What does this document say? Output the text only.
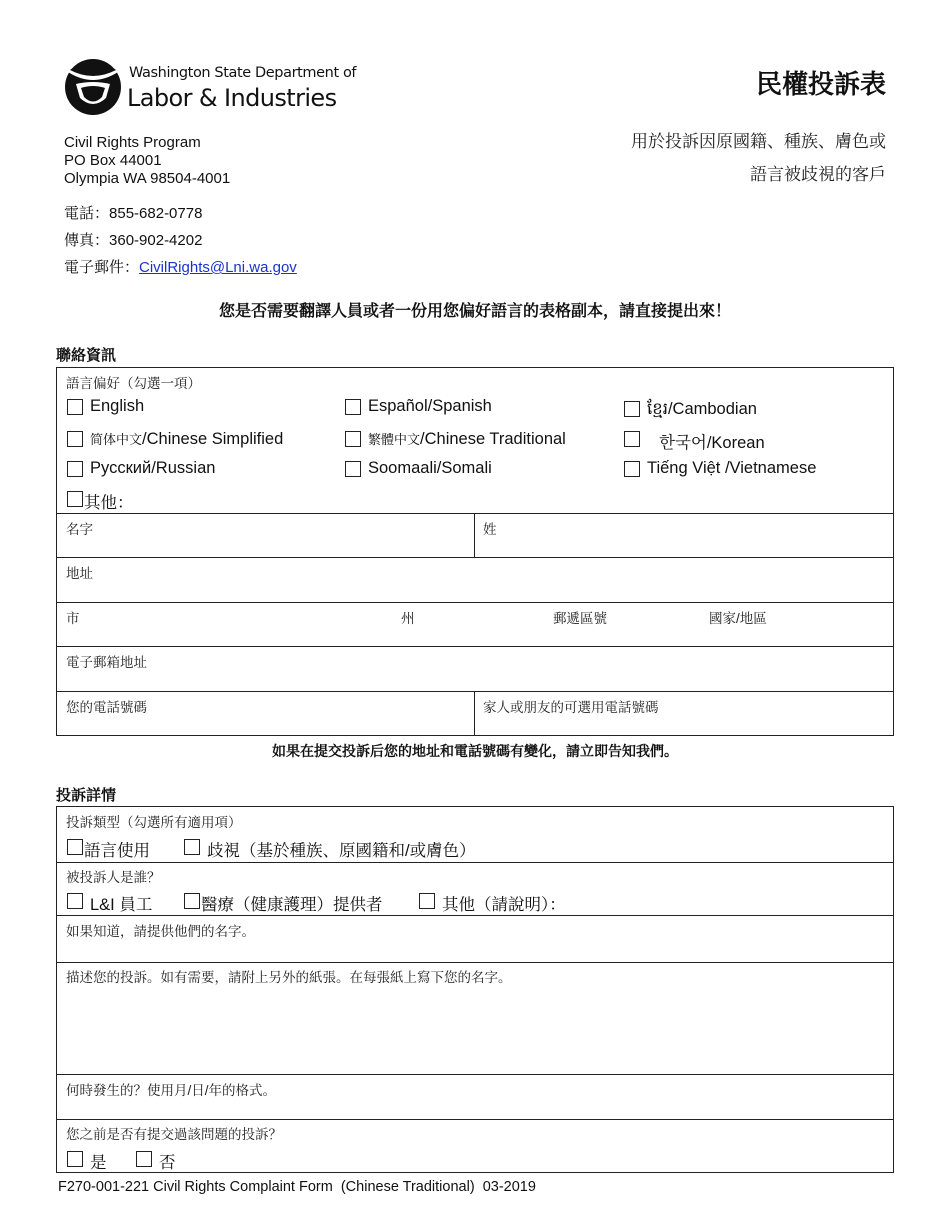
Washington State Department of
Labor & Industries	民權投訴表
用於投訴因原國籍、種族、膚色或
語言被歧視的客戶
Civil Rights Program
PO Box 44001
Olympia WA 98504-4001
電話：855-682-0778
傳真：360-902-4202
電子郵件：CivilRights@Lni.wa.gov
您是否需要翻譯人員或者一份用您偏好語言的表格副本，請直接提出來！
聯絡資訊
語言偏好（勾選一項）
English	Español/Spanish	ខ្មែរ/Cambodian
简体中文/Chinese Simplified	繁體中文/Chinese Traditional	한국어/Korean
Русский/Russian	Soomaali/Somali	Tiếng Việt /Vietnamese
其他：
名字	姓
地址
市	州	郵遞區號	國家/地區
電子郵箱地址
您的電話號碼	家人或朋友的可選用電話號碼
如果在提交投訴后您的地址和電話號碼有變化，請立即告知我們。
投訴詳情
投訴類型（勾選所有適用項）
語言使用	歧視（基於種族、原國籍和/或膚色）
被投訴人是誰？
L&I 員工	醫療（健康護理）提供者	其他（請說明）：
如果知道，請提供他們的名字。
描述您的投訴。如有需要，請附上另外的紙張。在每張紙上寫下您的名字。
何時發生的？使用月/日/年的格式。
您之前是否有提交過該問題的投訴？
是	否
F270-001-221 Civil Rights Complaint Form  (Chinese Traditional)  03-2019
